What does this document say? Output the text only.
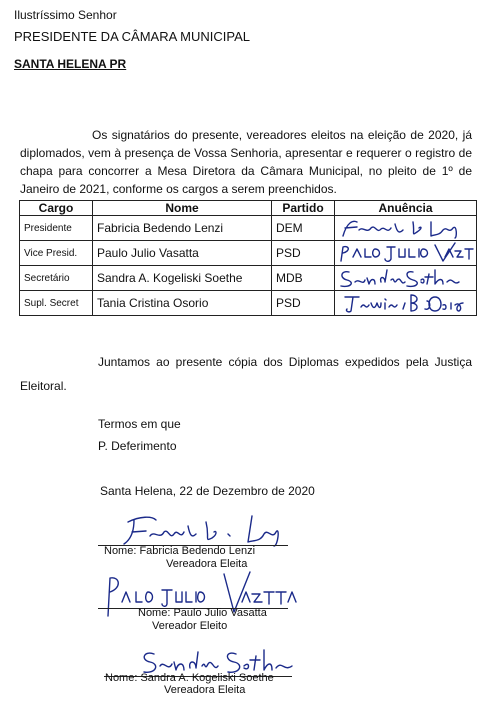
Ilustríssimo Senhor
PRESIDENTE DA CÂMARA MUNICIPAL
SANTA HELENA PR
Os signatários do presente, vereadores eleitos na eleição de 2020, já diplomados, vem à presença de Vossa Senhoria, apresentar e requerer o registro de chapa para concorrer a Mesa Diretora da Câmara Municipal, no pleito de 1º de Janeiro de 2021, conforme os cargos a serem preenchidos.
Cargo	Nome	Partido	Anuência
Presidente	Fabricia Bedendo Lenzi	DEM	

Vice Presid.	Paulo Julio Vasatta	PSD	

Secretário	Sandra A. Kogeliski Soethe	MDB	

Supl. Secret	Tania Cristina Osorio	PSD	
Juntamos ao presente cópia dos Diplomas expedidos pela Justiça Eleitoral.
Termos em que
P. Deferimento
Santa Helena, 22 de Dezembro de 2020
Nome: Fabricia Bedendo Lenzi
Vereadora Eleita
Nome: Paulo Julio Vasatta
Vereador Eleito
Nome: Sandra A. Kogeliski Soethe
Vereadora Eleita
